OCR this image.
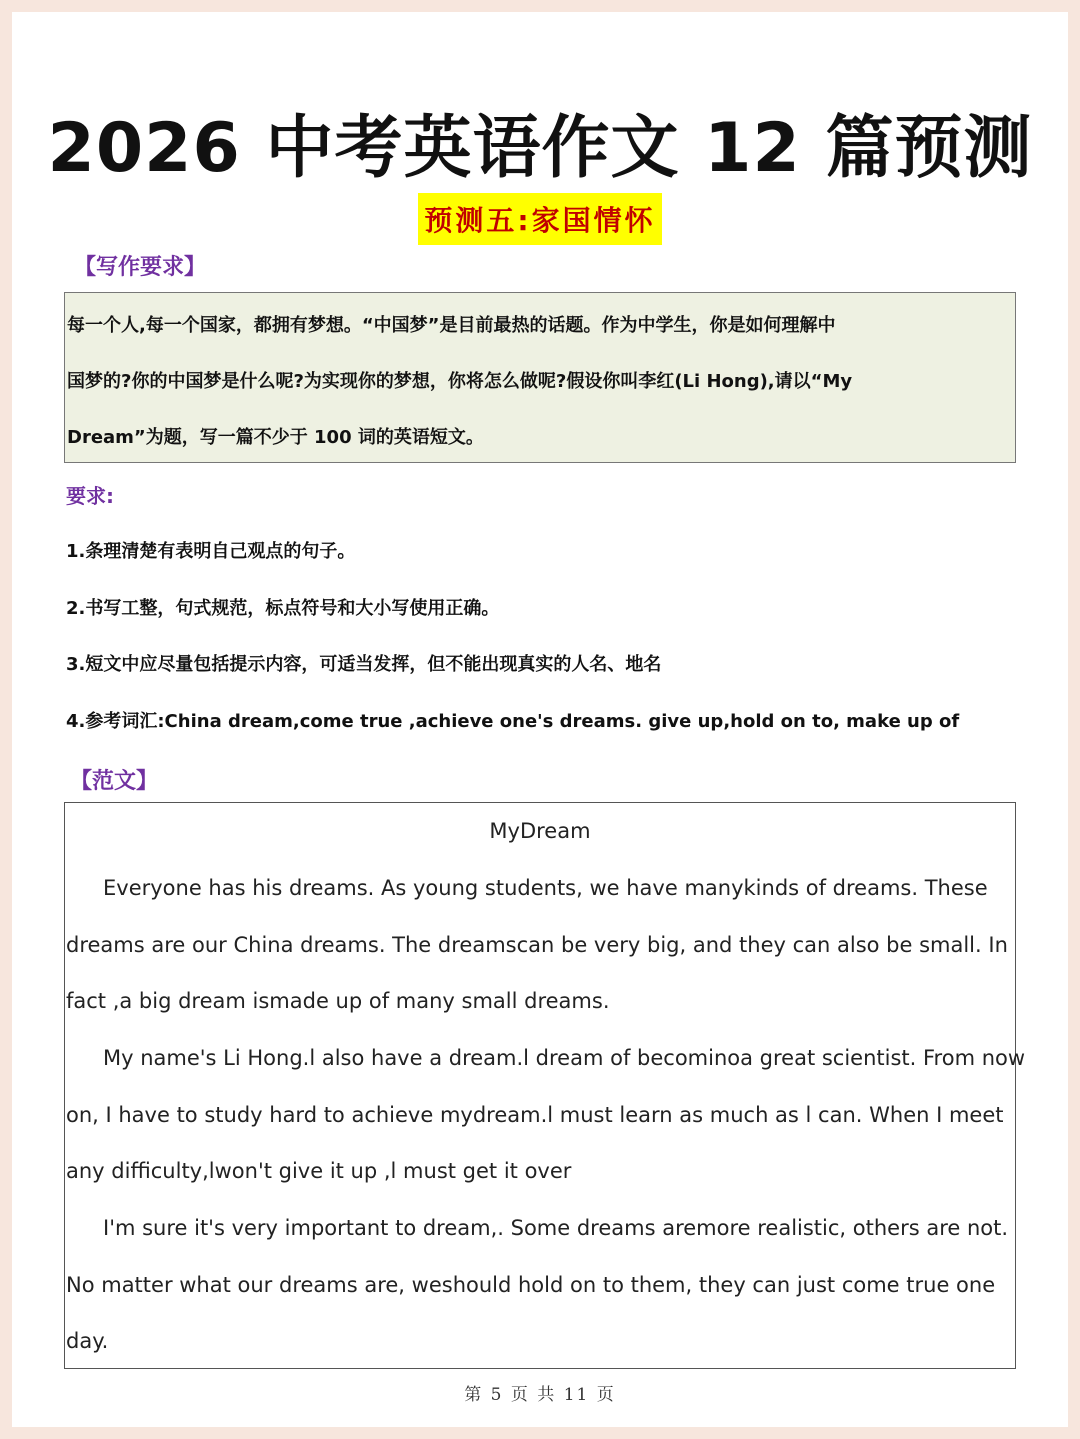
2026 中考英语作文 12 篇预测
预测五:家国情怀
【写作要求】
每一个人,每一个国家，都拥有梦想。“中国梦”是目前最热的话题。作为中学生，你是如何理解中
国梦的?你的中国梦是什么呢?为实现你的梦想，你将怎么做呢?假设你叫李红(Li Hong),请以“My
Dream”为题，写一篇不少于 100 词的英语短文。
要求:
1.条理清楚有表明自己观点的句子。
2.书写工整，句式规范，标点符号和大小写使用正确。
3.短文中应尽量包括提示内容，可适当发挥，但不能出现真实的人名、地名
4.参考词汇:China dream,come true ,achieve one's dreams. give up,hold on to, make up of
【范文】
MyDream
Everyone has his dreams. As young students, we have manykinds of dreams. These
dreams are our China dreams. The dreamscan be very big, and they can also be small. In
fact ,a big dream ismade up of many small dreams.
My name's Li Hong.l also have a dream.l dream of becominoa great scientist. From now
on, I have to study hard to achieve mydream.l must learn as much as l can. When I meet
any difficulty,lwon't give it up ,l must get it over
I'm sure it's very important to dream,. Some dreams aremore realistic, others are not.
No matter what our dreams are, weshould hold on to them, they can just come true one
day.
第 5 页 共 11 页
